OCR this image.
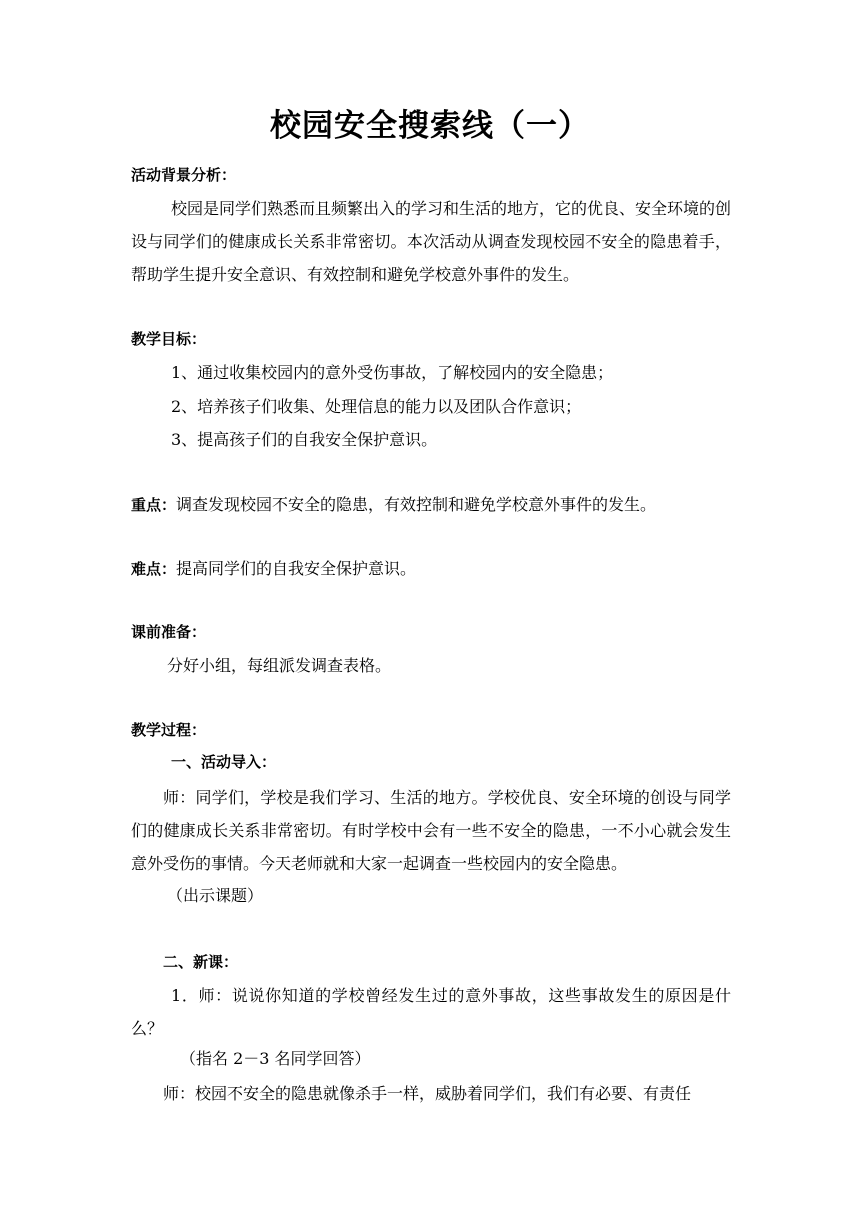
校园安全搜索线（一）
活动背景分析：
校园是同学们熟悉而且频繁出入的学习和生活的地方，它的优良、安全环境的创设与同学们的健康成长关系非常密切。本次活动从调查发现校园不安全的隐患着手，帮助学生提升安全意识、有效控制和避免学校意外事件的发生。
教学目标：
1、通过收集校园内的意外受伤事故，了解校园内的安全隐患；
2、培养孩子们收集、处理信息的能力以及团队合作意识；
3、提高孩子们的自我安全保护意识。
重点：调查发现校园不安全的隐患，有效控制和避免学校意外事件的发生。
难点：提高同学们的自我安全保护意识。
课前准备：
分好小组，每组派发调查表格。
教学过程：
一、活动导入：
师：同学们，学校是我们学习、生活的地方。学校优良、安全环境的创设与同学们的健康成长关系非常密切。有时学校中会有一些不安全的隐患，一不小心就会发生意外受伤的事情。今天老师就和大家一起调查一些校园内的安全隐患。
（出示课题）
二、新课：
1．师：说说你知道的学校曾经发生过的意外事故，这些事故发生的原因是什么？
（指名 2－3 名同学回答）
师：校园不安全的隐患就像杀手一样，威胁着同学们，我们有必要、有责任
